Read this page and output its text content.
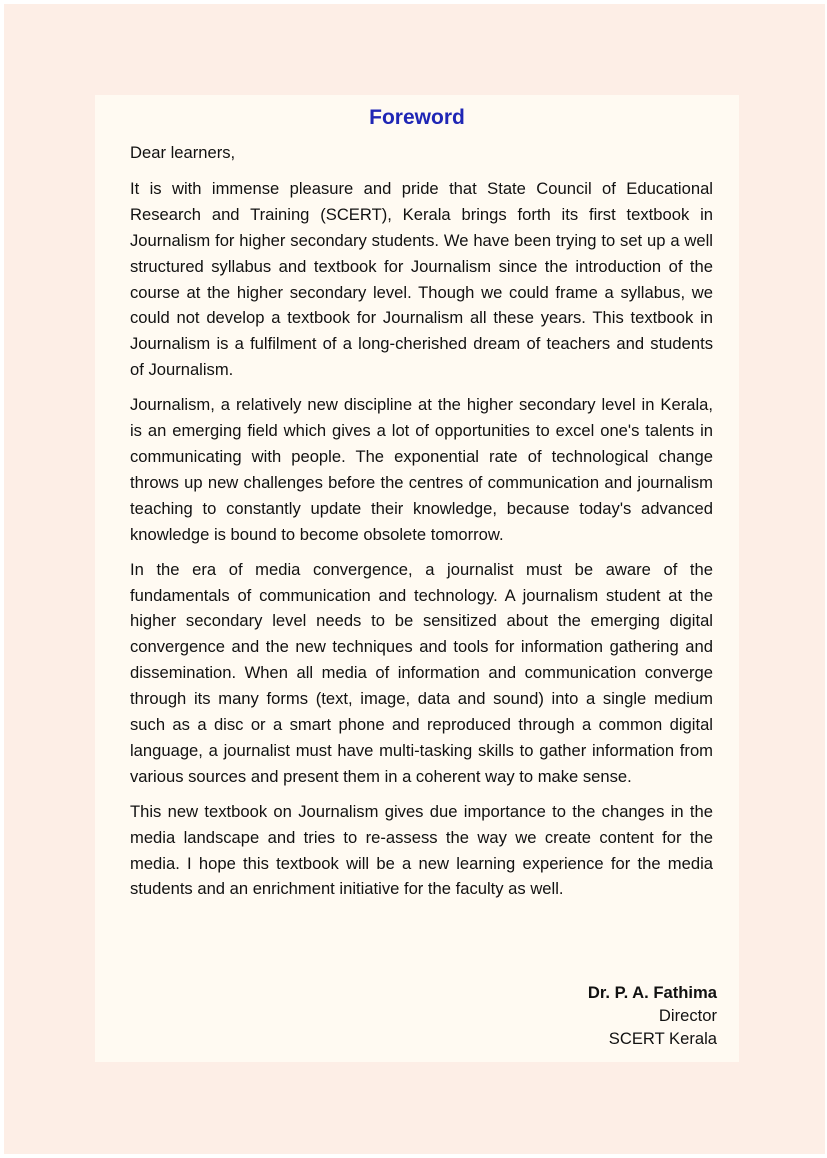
Foreword

Dear learners,

It is with immense pleasure and pride that State Council of Educational Research and Training (SCERT), Kerala brings forth its first textbook in Journalism for higher secondary students. We have been trying to set up a well structured syllabus and textbook for Journalism since the introduction of the course at the higher secondary level. Though we could frame a syllabus, we could not develop a textbook for Journalism all these years. This textbook in Journalism is a fulfilment of a long-cherished dream of teachers and students of Journalism.

Journalism, a relatively new discipline at the higher secondary level in Kerala, is an emerging field which gives a lot of opportunities to excel one's talents in communicating with people. The exponential rate of technological change throws up new challenges before the centres of communication and journalism teaching to constantly update their knowledge, because today's advanced knowledge is bound to become obsolete tomorrow.

In the era of media convergence, a journalist must be aware of the fundamentals of communication and technology. A journalism student at the higher secondary level needs to be sensitized about the emerging digital convergence and the new techniques and tools for information gathering and dissemination. When all media of information and communication converge through its many forms (text, image, data and sound) into a single medium such as a disc or a smart phone and reproduced through a common digital language, a journalist must have multi-tasking skills to gather information from various sources and present them in a coherent way to make sense.

This new textbook on Journalism gives due importance to the changes in the media landscape and tries to re-assess the way we create content for the media. I hope this textbook will be a new learning experience for the media students and an enrichment initiative for the faculty as well.

Dr. P. A. Fathima
Director
SCERT Kerala
